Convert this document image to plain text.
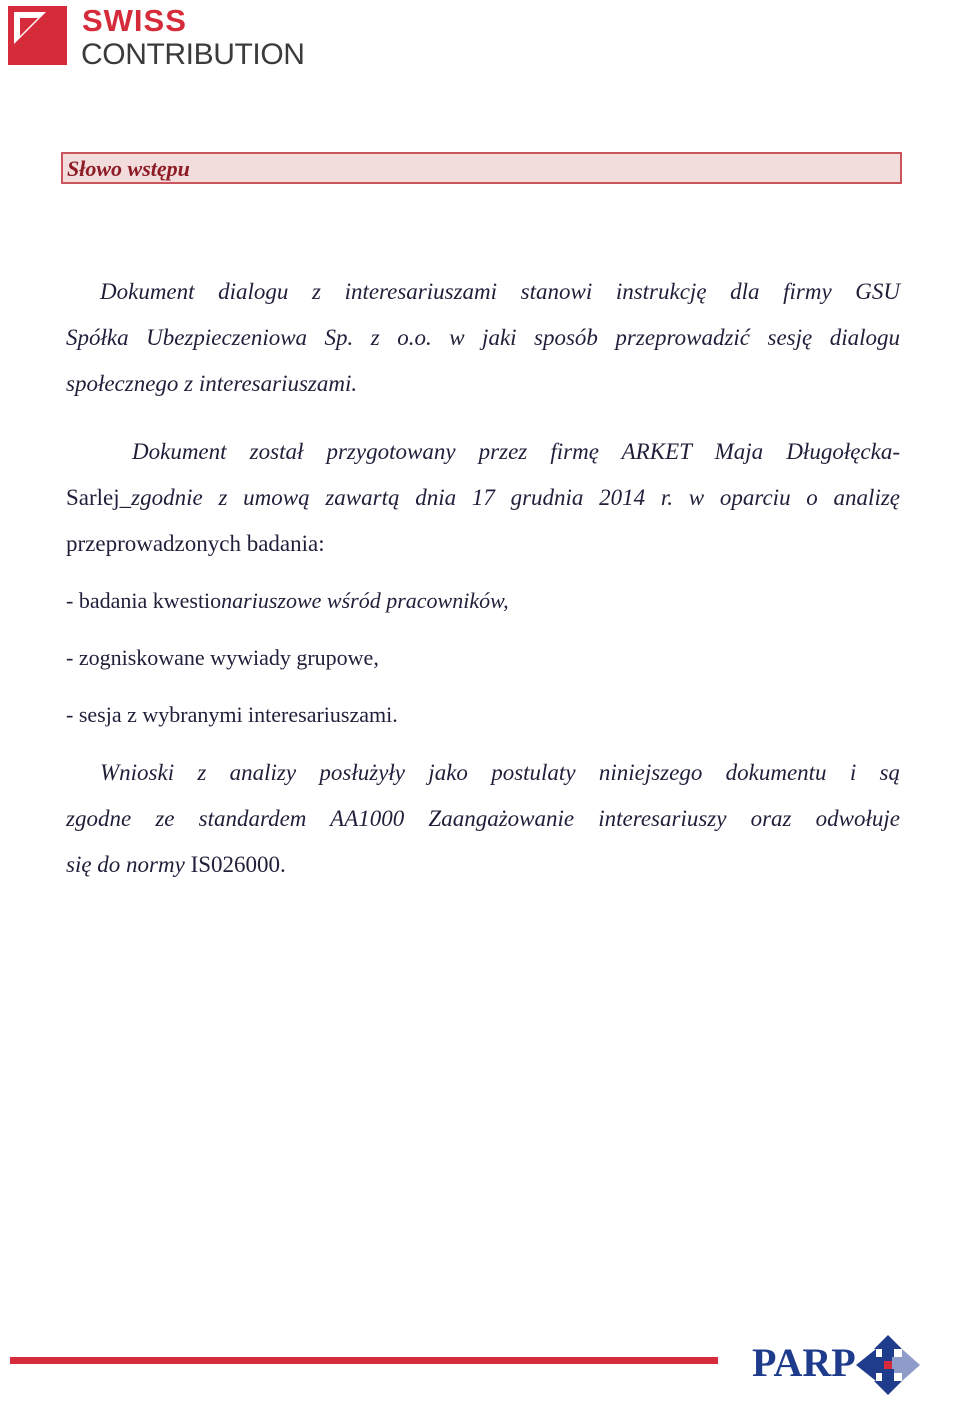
SWISS
CONTRIBUTION
Słowo wstępu
Dokument dialogu z interesariuszami stanowi instrukcję dla firmy GSU
Spółka Ubezpieczeniowa Sp. z o.o. w jaki sposób przeprowadzić sesję dialogu
społecznego z interesariuszami.
Dokument został przygotowany przez firmę ARKET Maja Długołęcka-
Sarlej_zgodnie z umową zawartą dnia 17 grudnia 2014 r. w oparciu o analizę
przeprowadzonych badania:
- badania kwestionariuszowe wśród pracowników,
- zogniskowane wywiady grupowe,
- sesja z wybranymi interesariuszami.
Wnioski z analizy posłużyły jako postulaty niniejszego dokumentu i są
zgodne ze standardem AA1000 Zaangażowanie interesariuszy oraz odwołuje
się do normy IS026000.
PARP
